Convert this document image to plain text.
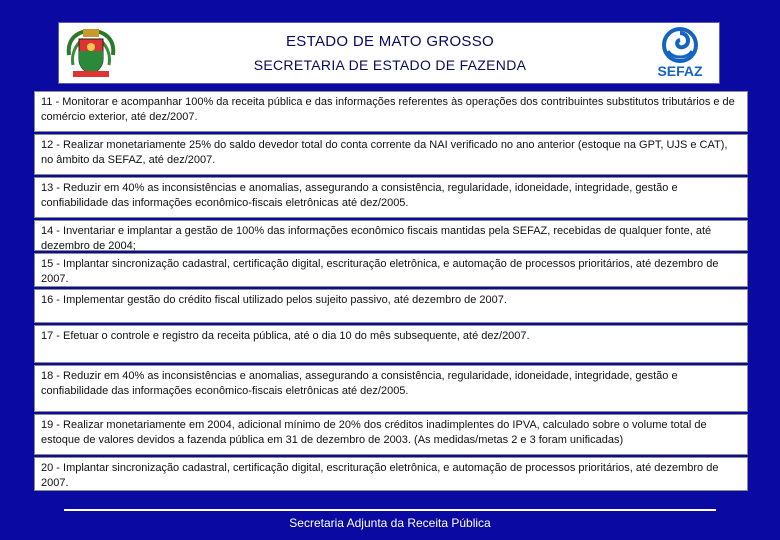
ESTADO DE MATO GROSSO
SECRETARIA DE ESTADO DE FAZENDA	SEFAZ
11 - Monitorar e acompanhar 100% da receita pública e das informações referentes às operações dos contribuintes substitutos tributários e de comércio exterior, até dez/2007.
12 - Realizar monetariamente 25% do saldo devedor total do conta corrente da NAI verificado no ano anterior (estoque na GPT, UJS e CAT), no âmbito da SEFAZ, até dez/2007.
13 - Reduzir em 40% as inconsistências e anomalias, assegurando a consistência, regularidade, idoneidade, integridade, gestão e confiabilidade das informações econômico-fiscais eletrônicas até dez/2005.
14 - Inventariar e implantar a gestão de 100% das informações econômico fiscais mantidas pela SEFAZ, recebidas de qualquer fonte, até dezembro de 2004;
15 - Implantar sincronização cadastral, certificação digital, escrituração eletrônica, e automação de processos prioritários, até dezembro de 2007.
16 - Implementar gestão do crédito fiscal utilizado pelos sujeito passivo, até dezembro de 2007.
17 - Efetuar o controle e registro da receita pública, até o dia 10 do mês subsequente, até dez/2007.
18 - Reduzir em 40% as inconsistências e anomalias, assegurando a consistência, regularidade, idoneidade, integridade, gestão e confiabilidade das informações econômico-fiscais eletrônicas até dez/2005.
19 - Realizar monetariamente em 2004, adicional mínimo de 20% dos créditos inadimplentes do IPVA, calculado sobre o volume total de estoque de valores devidos a fazenda pública em 31 de dezembro de 2003. (As medidas/metas 2 e 3 foram unificadas)
20 - Implantar sincronização cadastral, certificação digital, escrituração eletrônica, e automação de processos prioritários, até dezembro de 2007.
Secretaria Adjunta da Receita Pública
